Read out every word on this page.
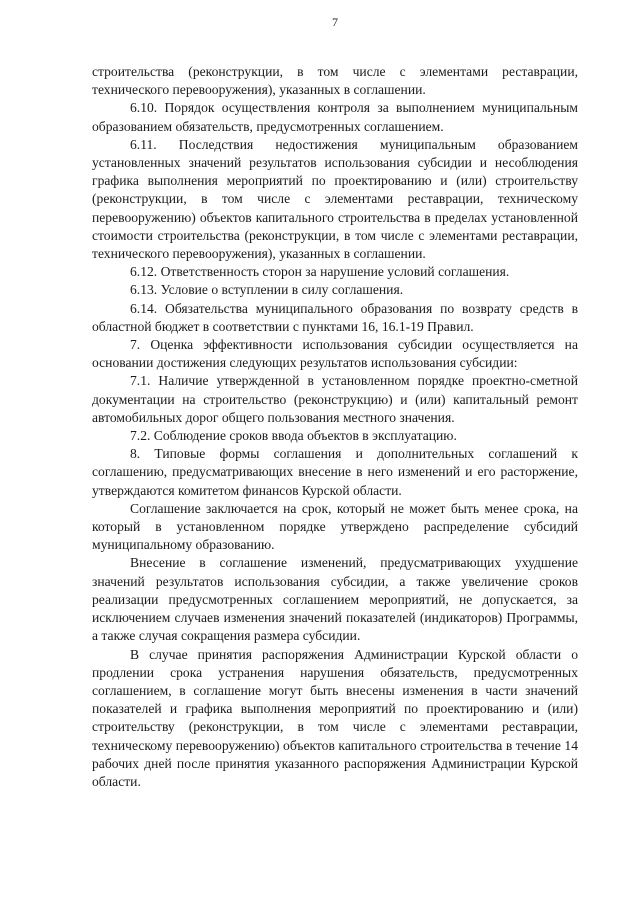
7

строительства (реконструкции, в том числе с элементами реставрации, технического перевооружения), указанных в соглашении.

6.10. Порядок осуществления контроля за выполнением муниципальным образованием обязательств, предусмотренных соглашением.

6.11. Последствия недостижения муниципальным образованием установленных значений результатов использования субсидии и несоблюдения графика выполнения мероприятий по проектированию и (или) строительству (реконструкции, в том числе с элементами реставрации, техническому перевооружению) объектов капитального строительства в пределах установленной стоимости строительства (реконструкции, в том числе с элементами реставрации, технического перевооружения), указанных в соглашении.

6.12. Ответственность сторон за нарушение условий соглашения.

6.13. Условие о вступлении в силу соглашения.

6.14. Обязательства муниципального образования по возврату средств в областной бюджет в соответствии с пунктами 16, 16.1-19 Правил.

7. Оценка эффективности использования субсидии осуществляется на основании достижения следующих результатов использования субсидии:

7.1. Наличие утвержденной в установленном порядке проектно-сметной документации на строительство (реконструкцию) и (или) капитальный ремонт автомобильных дорог общего пользования местного значения.

7.2. Соблюдение сроков ввода объектов в эксплуатацию.

8. Типовые формы соглашения и дополнительных соглашений к соглашению, предусматривающих внесение в него изменений и его расторжение, утверждаются комитетом финансов Курской области.

Соглашение заключается на срок, который не может быть менее срока, на который в установленном порядке утверждено распределение субсидий муниципальному образованию.

Внесение в соглашение изменений, предусматривающих ухудшение значений результатов использования субсидии, а также увеличение сроков реализации предусмотренных соглашением мероприятий, не допускается, за исключением случаев изменения значений показателей (индикаторов) Программы, а также случая сокращения размера субсидии.

В случае принятия распоряжения Администрации Курской области о продлении срока устранения нарушения обязательств, предусмотренных соглашением, в соглашение могут быть внесены изменения в части значений показателей и графика выполнения мероприятий по проектированию и (или) строительству (реконструкции, в том числе с элементами реставрации, техническому перевооружению) объектов капитального строительства в течение 14 рабочих дней после принятия указанного распоряжения Администрации Курской области.
